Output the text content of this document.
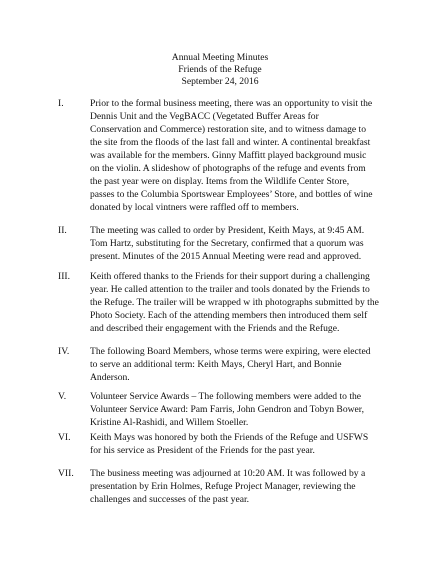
Annual Meeting Minutes
Friends of the Refuge
September 24, 2016
I.	Prior to the formal business meeting, there was an opportunity to visit the
Dennis Unit and the VegBACC (Vegetated Buffer Areas for
Conservation and Commerce) restoration site, and to witness damage to
the site from the floods of the last fall and winter. A continental breakfast
was available for the members. Ginny Maffitt played background music
on the violin. A slideshow of photographs of the refuge and events from
the past year were on display. Items from the Wildlife Center Store,
passes to the Columbia Sportswear Employees’ Store, and bottles of wine
donated by local vintners were raffled off to members.
II. The meeting was called to order by President, Keith Mays, at 9:45 AM.
Tom Hartz, substituting for the Secretary, confirmed that a quorum was
present. Minutes of the 2015 Annual Meeting were read and approved.
III. Keith offered thanks to the Friends for their support during a challenging
year. He called attention to the trailer and tools donated by the Friends to
the Refuge. The trailer will be wrapped w ith photographs submitted by the
Photo Society. Each of the attending members then introduced them self
and described their engagement with the Friends and the Refuge.
IV. The following Board Members, whose terms were expiring, were elected
to serve an additional term: Keith Mays, Cheryl Hart, and Bonnie
Anderson.
V. Volunteer Service Awards – The following members were added to the
Volunteer Service Award: Pam Farris, John Gendron and Tobyn Bower,
Kristine Al-Rashidi, and Willem Stoeller.
VI. Keith Mays was honored by both the Friends of the Refuge and USFWS
for his service as President of the Friends for the past year.
VII. The business meeting was adjourned at 10:20 AM. It was followed by a
presentation by Erin Holmes, Refuge Project Manager, reviewing the
challenges and successes of the past year.
